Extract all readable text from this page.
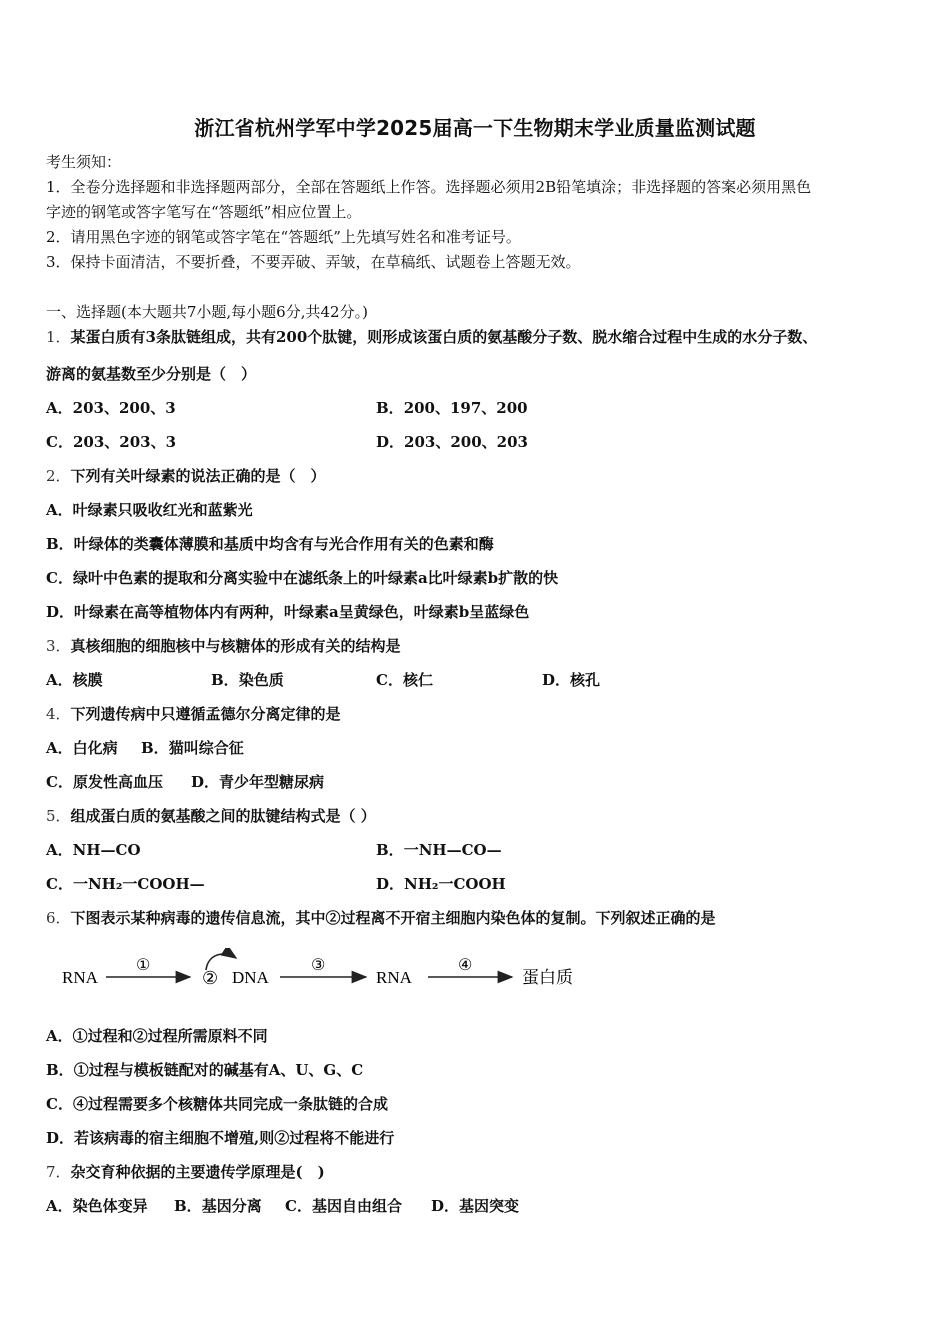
浙江省杭州学军中学2025届高一下生物期末学业质量监测试题
考生须知：
1．全卷分选择题和非选择题两部分，全部在答题纸上作答。选择题必须用2B铅笔填涂；非选择题的答案必须用黑色
字迹的钢笔或答字笔写在“答题纸”相应位置上。
2．请用黑色字迹的钢笔或答字笔在“答题纸”上先填写姓名和准考证号。
3．保持卡面清洁，不要折叠，不要弄破、弄皱，在草稿纸、试题卷上答题无效。
一、选择题(本大题共7小题,每小题6分,共42分。)
1．某蛋白质有3条肽链组成，共有200个肽键，则形成该蛋白质的氨基酸分子数、脱水缩合过程中生成的水分子数、
游离的氨基数至少分别是（　）
A．203、200、3	B．200、197、200
C．203、203、3	D．203、200、203
2．下列有关叶绿素的说法正确的是（　）
A．叶绿素只吸收红光和蓝紫光
B．叶绿体的类囊体薄膜和基质中均含有与光合作用有关的色素和酶
C．绿叶中色素的提取和分离实验中在滤纸条上的叶绿素a比叶绿素b扩散的快
D．叶绿素在高等植物体内有两种，叶绿素a呈黄绿色，叶绿素b呈蓝绿色
3．真核细胞的细胞核中与核糖体的形成有关的结构是
A．核膜	B．染色质	C．核仁	D．核孔
4．下列遗传病中只遵循孟德尔分离定律的是
A．白化病 B．猫叫综合征
C．原发性高血压 D．青少年型糖尿病
5．组成蛋白质的氨基酸之间的肽键结构式是（ ）
A．NH—CO	B．一NH—CO—
C．一NH₂一COOH—	D．NH₂一COOH
6．下图表示某种病毒的遗传信息流，其中②过程离不开宿主细胞内染色体的复制。下列叙述正确的是
RNA
①
② DNA
③
RNA
④
蛋白质
A．①过程和②过程所需原料不同
B．①过程与模板链配对的碱基有A、U、G、C
C．④过程需要多个核糖体共同完成一条肽链的合成
D．若该病毒的宿主细胞不增殖,则②过程将不能进行
7．杂交育种依据的主要遗传学原理是(　)
A．染色体变异 B．基因分离 C．基因自由组合 D．基因突变
